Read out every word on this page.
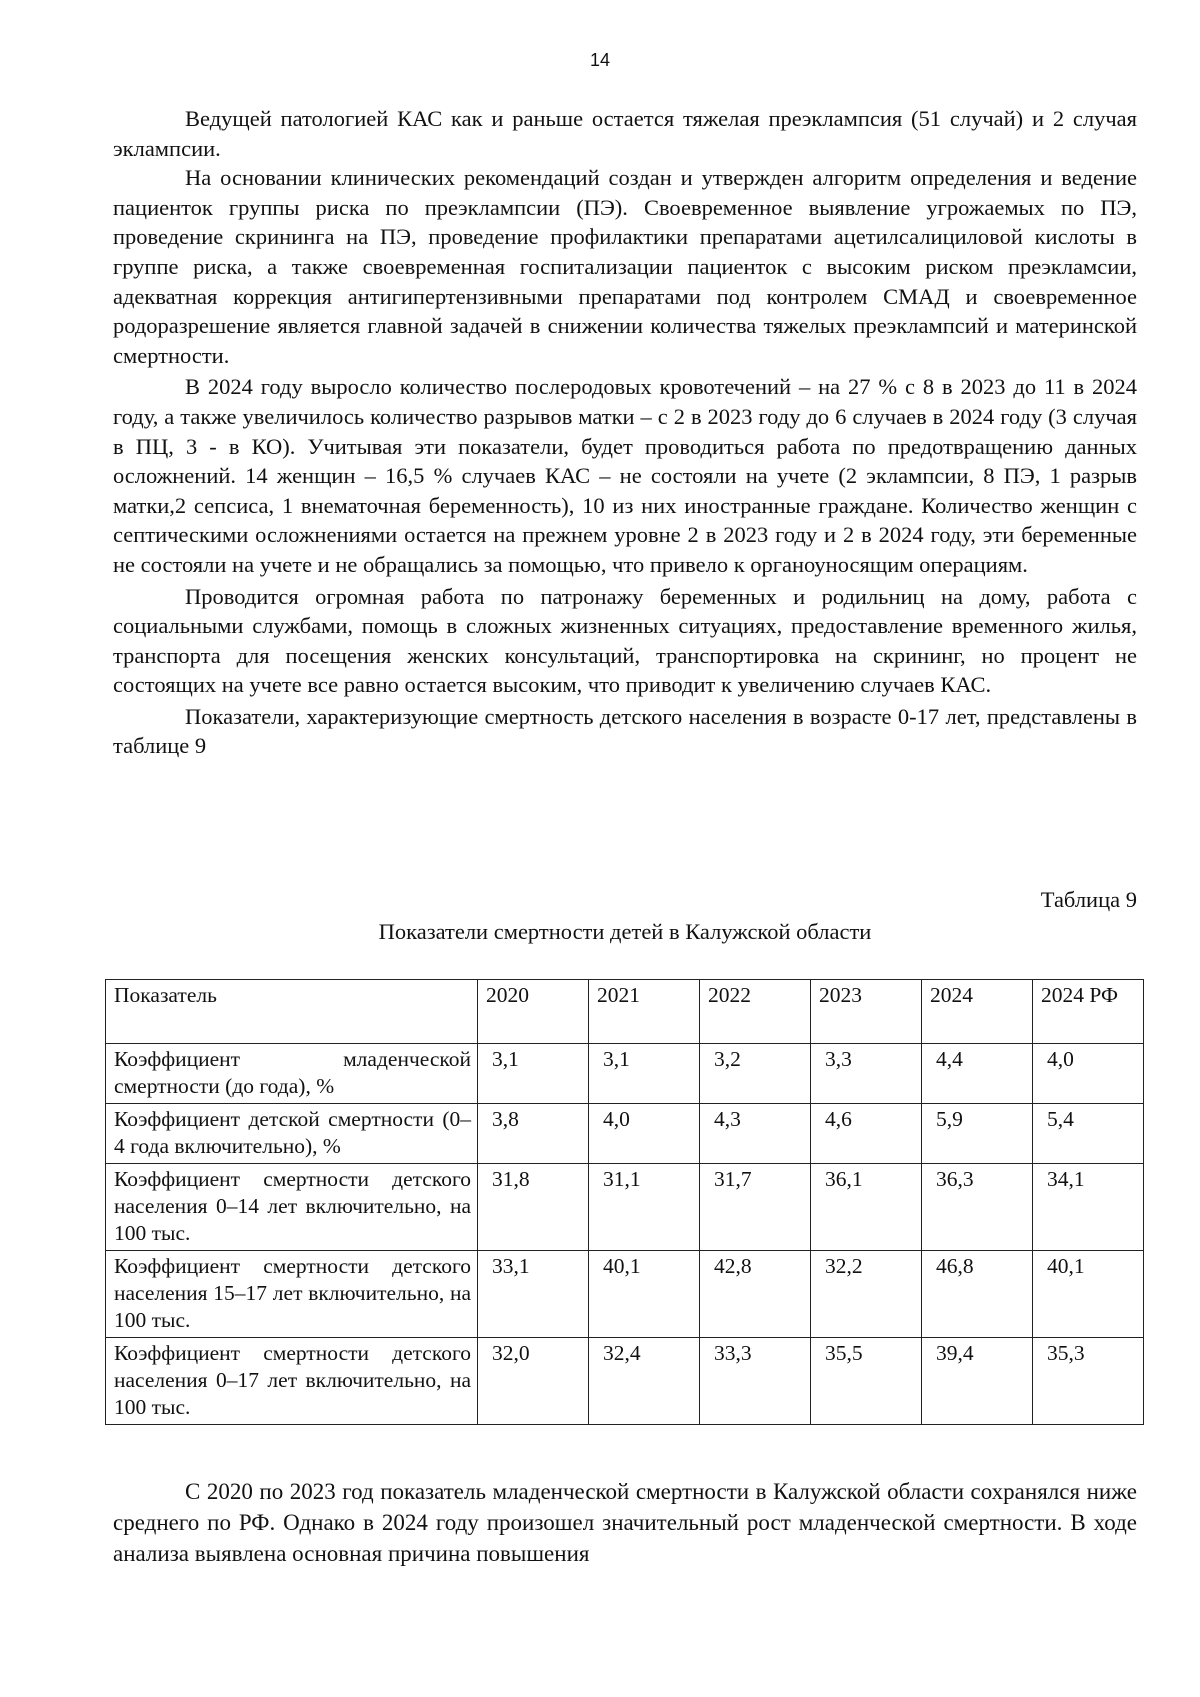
14

Ведущей патологией КАС как и раньше остается тяжелая преэклампсия (51 случай) и 2 случая эклампсии.

На основании клинических рекомендаций создан и утвержден алгоритм определения и ведение пациенток группы риска по преэклампсии (ПЭ). Своевременное выявление угрожаемых по ПЭ, проведение скрининга на ПЭ, проведение профилактики препаратами ацетилсалициловой кислоты в группе риска, а также своевременная госпитализации пациенток с высоким риском преэкламсии, адекватная коррекция антигипертензивными препаратами под контролем СМАД и своевременное родоразрешение является главной задачей в снижении количества тяжелых преэклампсий и материнской смертности.

В 2024 году выросло количество послеродовых кровотечений – на 27 % с 8 в 2023 до 11 в 2024 году, а также увеличилось количество разрывов матки – с 2 в 2023 году до 6 случаев в 2024 году (3 случая в ПЦ, 3 - в КО). Учитывая эти показатели, будет проводиться работа по предотвращению данных осложнений. 14 женщин – 16,5 % случаев КАС – не состояли на учете (2 эклампсии, 8 ПЭ, 1 разрыв матки,2 сепсиса, 1 внематочная беременность), 10 из них иностранные граждане. Количество женщин с септическими осложнениями остается на прежнем уровне 2 в 2023 году и 2 в 2024 году, эти беременные не состояли на учете и не обращались за помощью, что привело к органоуносящим операциям.

Проводится огромная работа по патронажу беременных и родильниц на дому, работа с социальными службами, помощь в сложных жизненных ситуациях, предоставление временного жилья, транспорта для посещения женских консультаций, транспортировка на скрининг, но процент не состоящих на учете все равно остается высоким, что приводит к увеличению случаев КАС.

Показатели, характеризующие смертность детского населения в возрасте 0-17 лет, представлены в таблице 9

Таблица 9
Показатели смертности детей в Калужской области
Показатель	2020	2021	2022	2023	2024	2024 РФ
Коэффициент младенческой смертности (до года), %	3,1	3,1	3,2	3,3	4,4	4,0
Коэффициент детской смертности (0–4 года включительно), %	3,8	4,0	4,3	4,6	5,9	5,4
Коэффициент смертности детского населения 0–14 лет включительно, на 100 тыс.	31,8	31,1	31,7	36,1	36,3	34,1
Коэффициент смертности детского населения 15–17 лет включительно, на 100 тыс.	33,1	40,1	42,8	32,2	46,8	40,1
Коэффициент смертности детского населения 0–17 лет включительно, на 100 тыс.	32,0	32,4	33,3	35,5	39,4	35,3

С 2020 по 2023 год показатель младенческой смертности в Калужской области сохранялся ниже среднего по РФ. Однако в 2024 году произошел значительный рост младенческой смертности. В ходе анализа выявлена основная причина повышения
